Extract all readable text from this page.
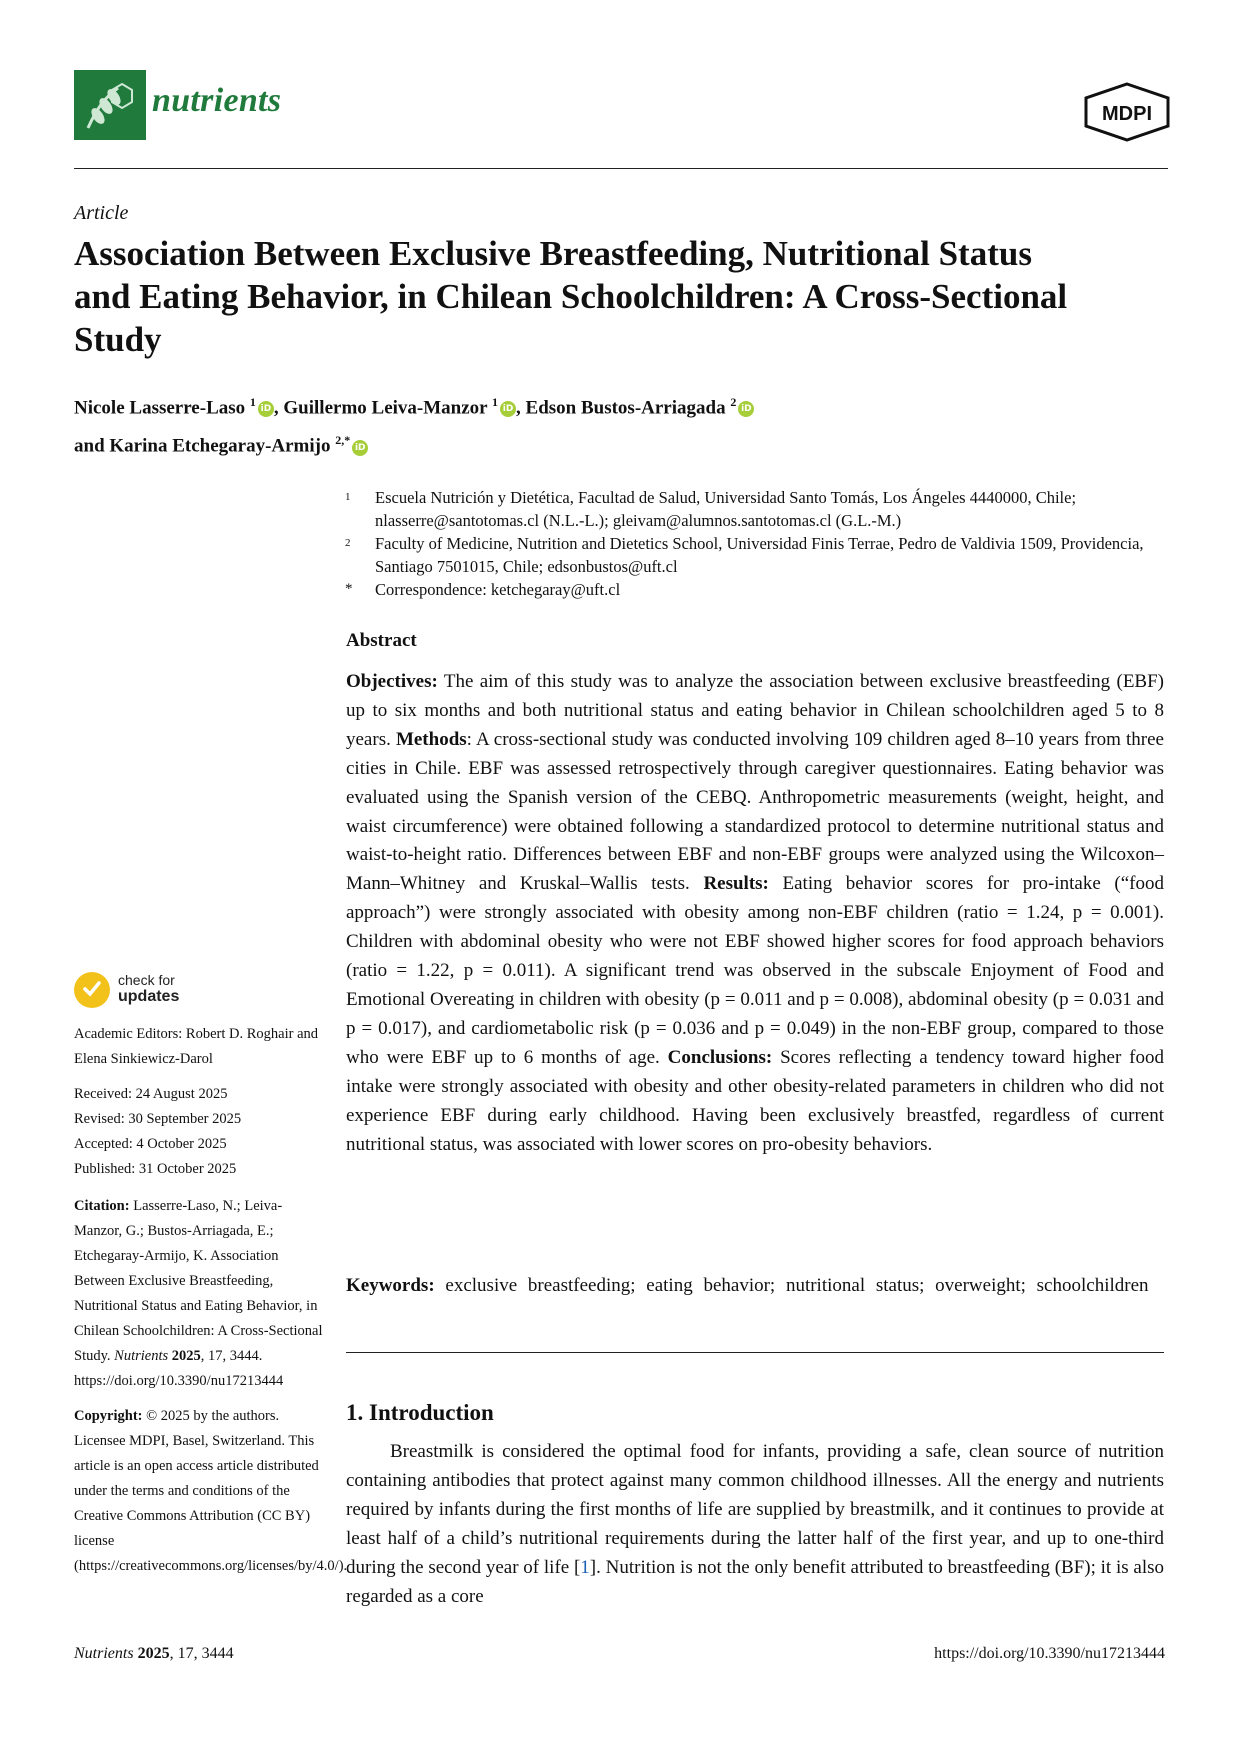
nutrients	MDPI
Article
Association Between Exclusive Breastfeeding, Nutritional Status and Eating Behavior, in Chilean Schoolchildren: A Cross-Sectional Study
Nicole Lasserre-Laso $^1$iD , Guillermo Leiva-Manzor $^1$iD , Edson Bustos-Arriagada $^2$iD
and Karina Etchegaray-Armijo $^{2,*}$iD
1	Escuela Nutrición y Dietética, Facultad de Salud, Universidad Santo Tomás, Los Ángeles 4440000, Chile; nlasserre@santotomas.cl (N.L.-L.); gleivam@alumnos.santotomas.cl (G.L.-M.)
2	Faculty of Medicine, Nutrition and Dietetics School, Universidad Finis Terrae, Pedro de Valdivia 1509, Providencia, Santiago 7501015, Chile; edsonbustos@uft.cl
*	Correspondence: ketchegaray@uft.cl
Abstract

Objectives: The aim of this study was to analyze the association between exclusive breastfeeding (EBF) up to six months and both nutritional status and eating behavior in Chilean schoolchildren aged 5 to 8 years. Methods: A cross-sectional study was conducted involving 109 children aged 8–10 years from three cities in Chile. EBF was assessed retrospectively through caregiver questionnaires. Eating behavior was evaluated using the Spanish version of the CEBQ. Anthropometric measurements (weight, height, and waist circumference) were obtained following a standardized protocol to determine nutritional status and waist-to-height ratio. Differences between EBF and non-EBF groups were analyzed using the Wilcoxon–Mann–Whitney and Kruskal–Wallis tests. Results: Eating behavior scores for pro-intake (“food approach”) were strongly associated with obesity among non-EBF children (ratio = 1.24, p = 0.001). Children with abdominal obesity who were not EBF showed higher scores for food approach behaviors (ratio = 1.22, p = 0.011). A significant trend was observed in the subscale Enjoyment of Food and Emotional Overeating in children with obesity (p = 0.011 and p = 0.008), abdominal obesity (p = 0.031 and p = 0.017), and cardiometabolic risk (p = 0.036 and p = 0.049) in the non-EBF group, compared to those who were EBF up to 6 months of age. Conclusions: Scores reflecting a tendency toward higher food intake were strongly associated with obesity and other obesity-related parameters in children who did not experience EBF during early childhood. Having been exclusively breastfed, regardless of current nutritional status, was associated with lower scores on pro-obesity behaviors.

Keywords: exclusive breastfeeding; eating behavior; nutritional status; overweight; schoolchildren

1. Introduction

Breastmilk is considered the optimal food for infants, providing a safe, clean source of nutrition containing antibodies that protect against many common childhood illnesses. All the energy and nutrients required by infants during the first months of life are supplied by breastmilk, and it continues to provide at least half of a child’s nutritional requirements during the latter half of the first year, and up to one-third during the second year of life [1]. Nutrition is not the only benefit attributed to breastfeeding (BF); it is also regarded as a core

check for
updates

Academic Editors: Robert D. Roghair and Elena Sinkiewicz-Darol

Received: 24 August 2025
Revised: 30 September 2025
Accepted: 4 October 2025
Published: 31 October 2025

Citation: Lasserre-Laso, N.; Leiva-Manzor, G.; Bustos-Arriagada, E.; Etchegaray-Armijo, K. Association Between Exclusive Breastfeeding, Nutritional Status and Eating Behavior, in Chilean Schoolchildren: A Cross-Sectional Study. Nutrients 2025, 17, 3444. https://doi.org/10.3390/nu17213444

Copyright: © 2025 by the authors. Licensee MDPI, Basel, Switzerland. This article is an open access article distributed under the terms and conditions of the Creative Commons Attribution (CC BY) license (https://creativecommons.org/licenses/by/4.0/).

Nutrients 2025, 17, 3444	https://doi.org/10.3390/nu17213444
